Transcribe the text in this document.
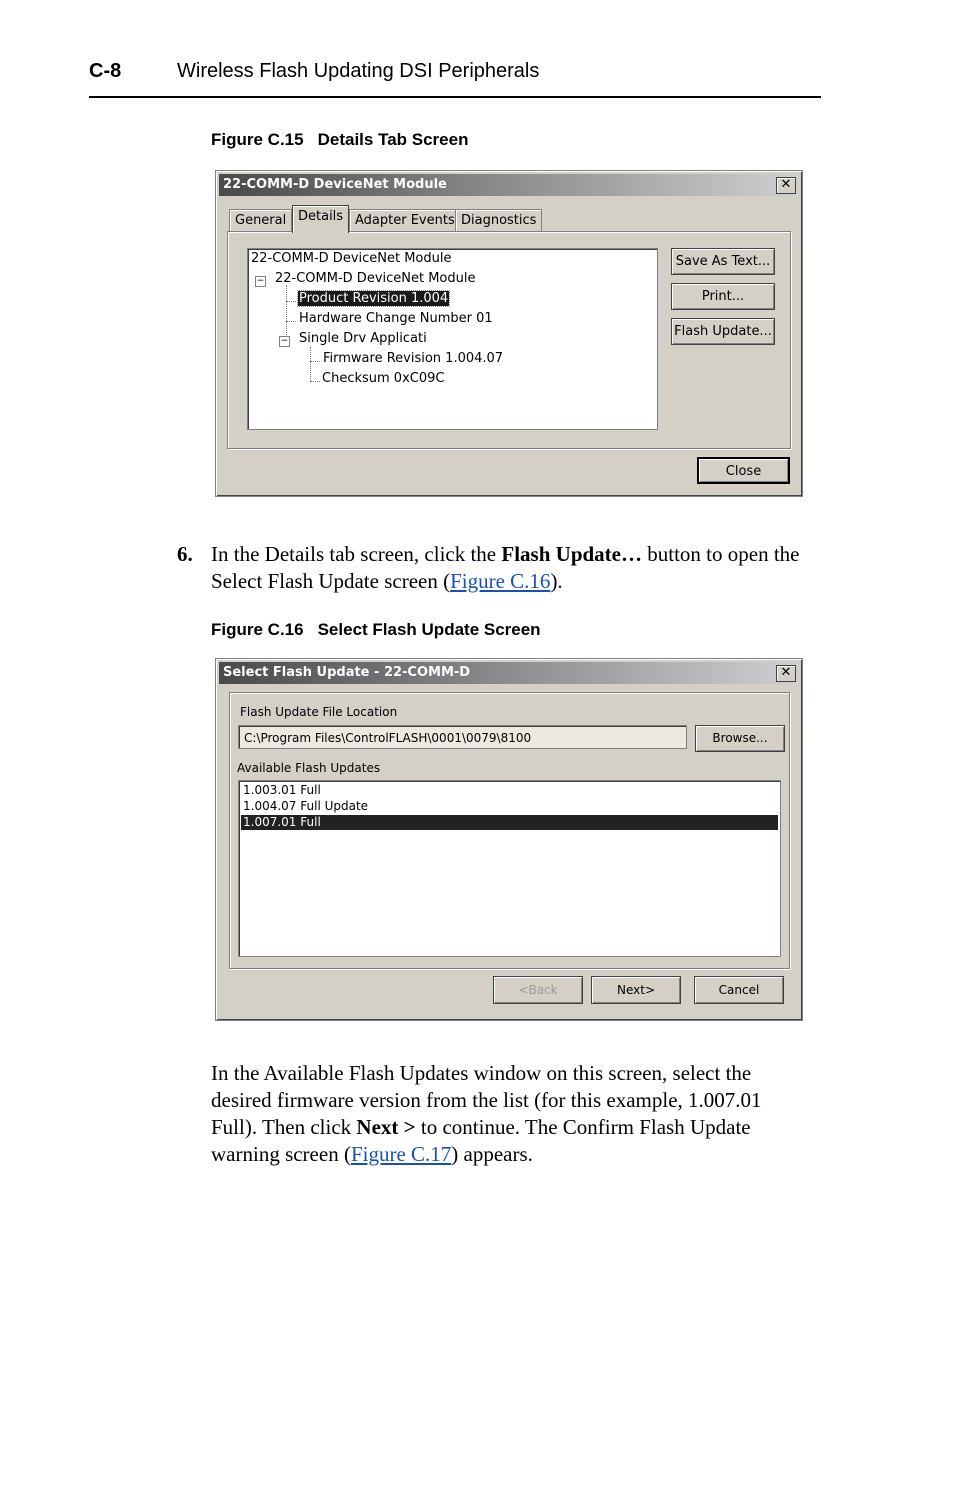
C-8	Wireless Flash Updating DSI Peripherals
Figure C.15 Details Tab Screen
22-COMM-D DeviceNet Module	✕
General Details Adapter Events Diagnostics
22-COMM-D DeviceNet Module
− 22-COMM-D DeviceNet Module
Product Revision 1.004
Hardware Change Number 01
− Single Drv Applicati
Firmware Revision 1.004.07
Checksum 0xC09C
Save As Text...
Print...
Flash Update...
Close
6. In the Details tab screen, click the Flash Update… button to open the Select Flash Update screen (Figure C.16).
Figure C.16 Select Flash Update Screen
Select Flash Update - 22-COMM-D	✕
Flash Update File Location
C:\Program Files\ControlFLASH\0001\0079\8100	Browse...
Available Flash Updates
1.003.01 Full
1.004.07 Full Update
1.007.01 Full
<Back	Next>	Cancel
In the Available Flash Updates window on this screen, select the desired firmware version from the list (for this example, 1.007.01 Full). Then click Next > to continue. The Confirm Flash Update warning screen (Figure C.17) appears.
